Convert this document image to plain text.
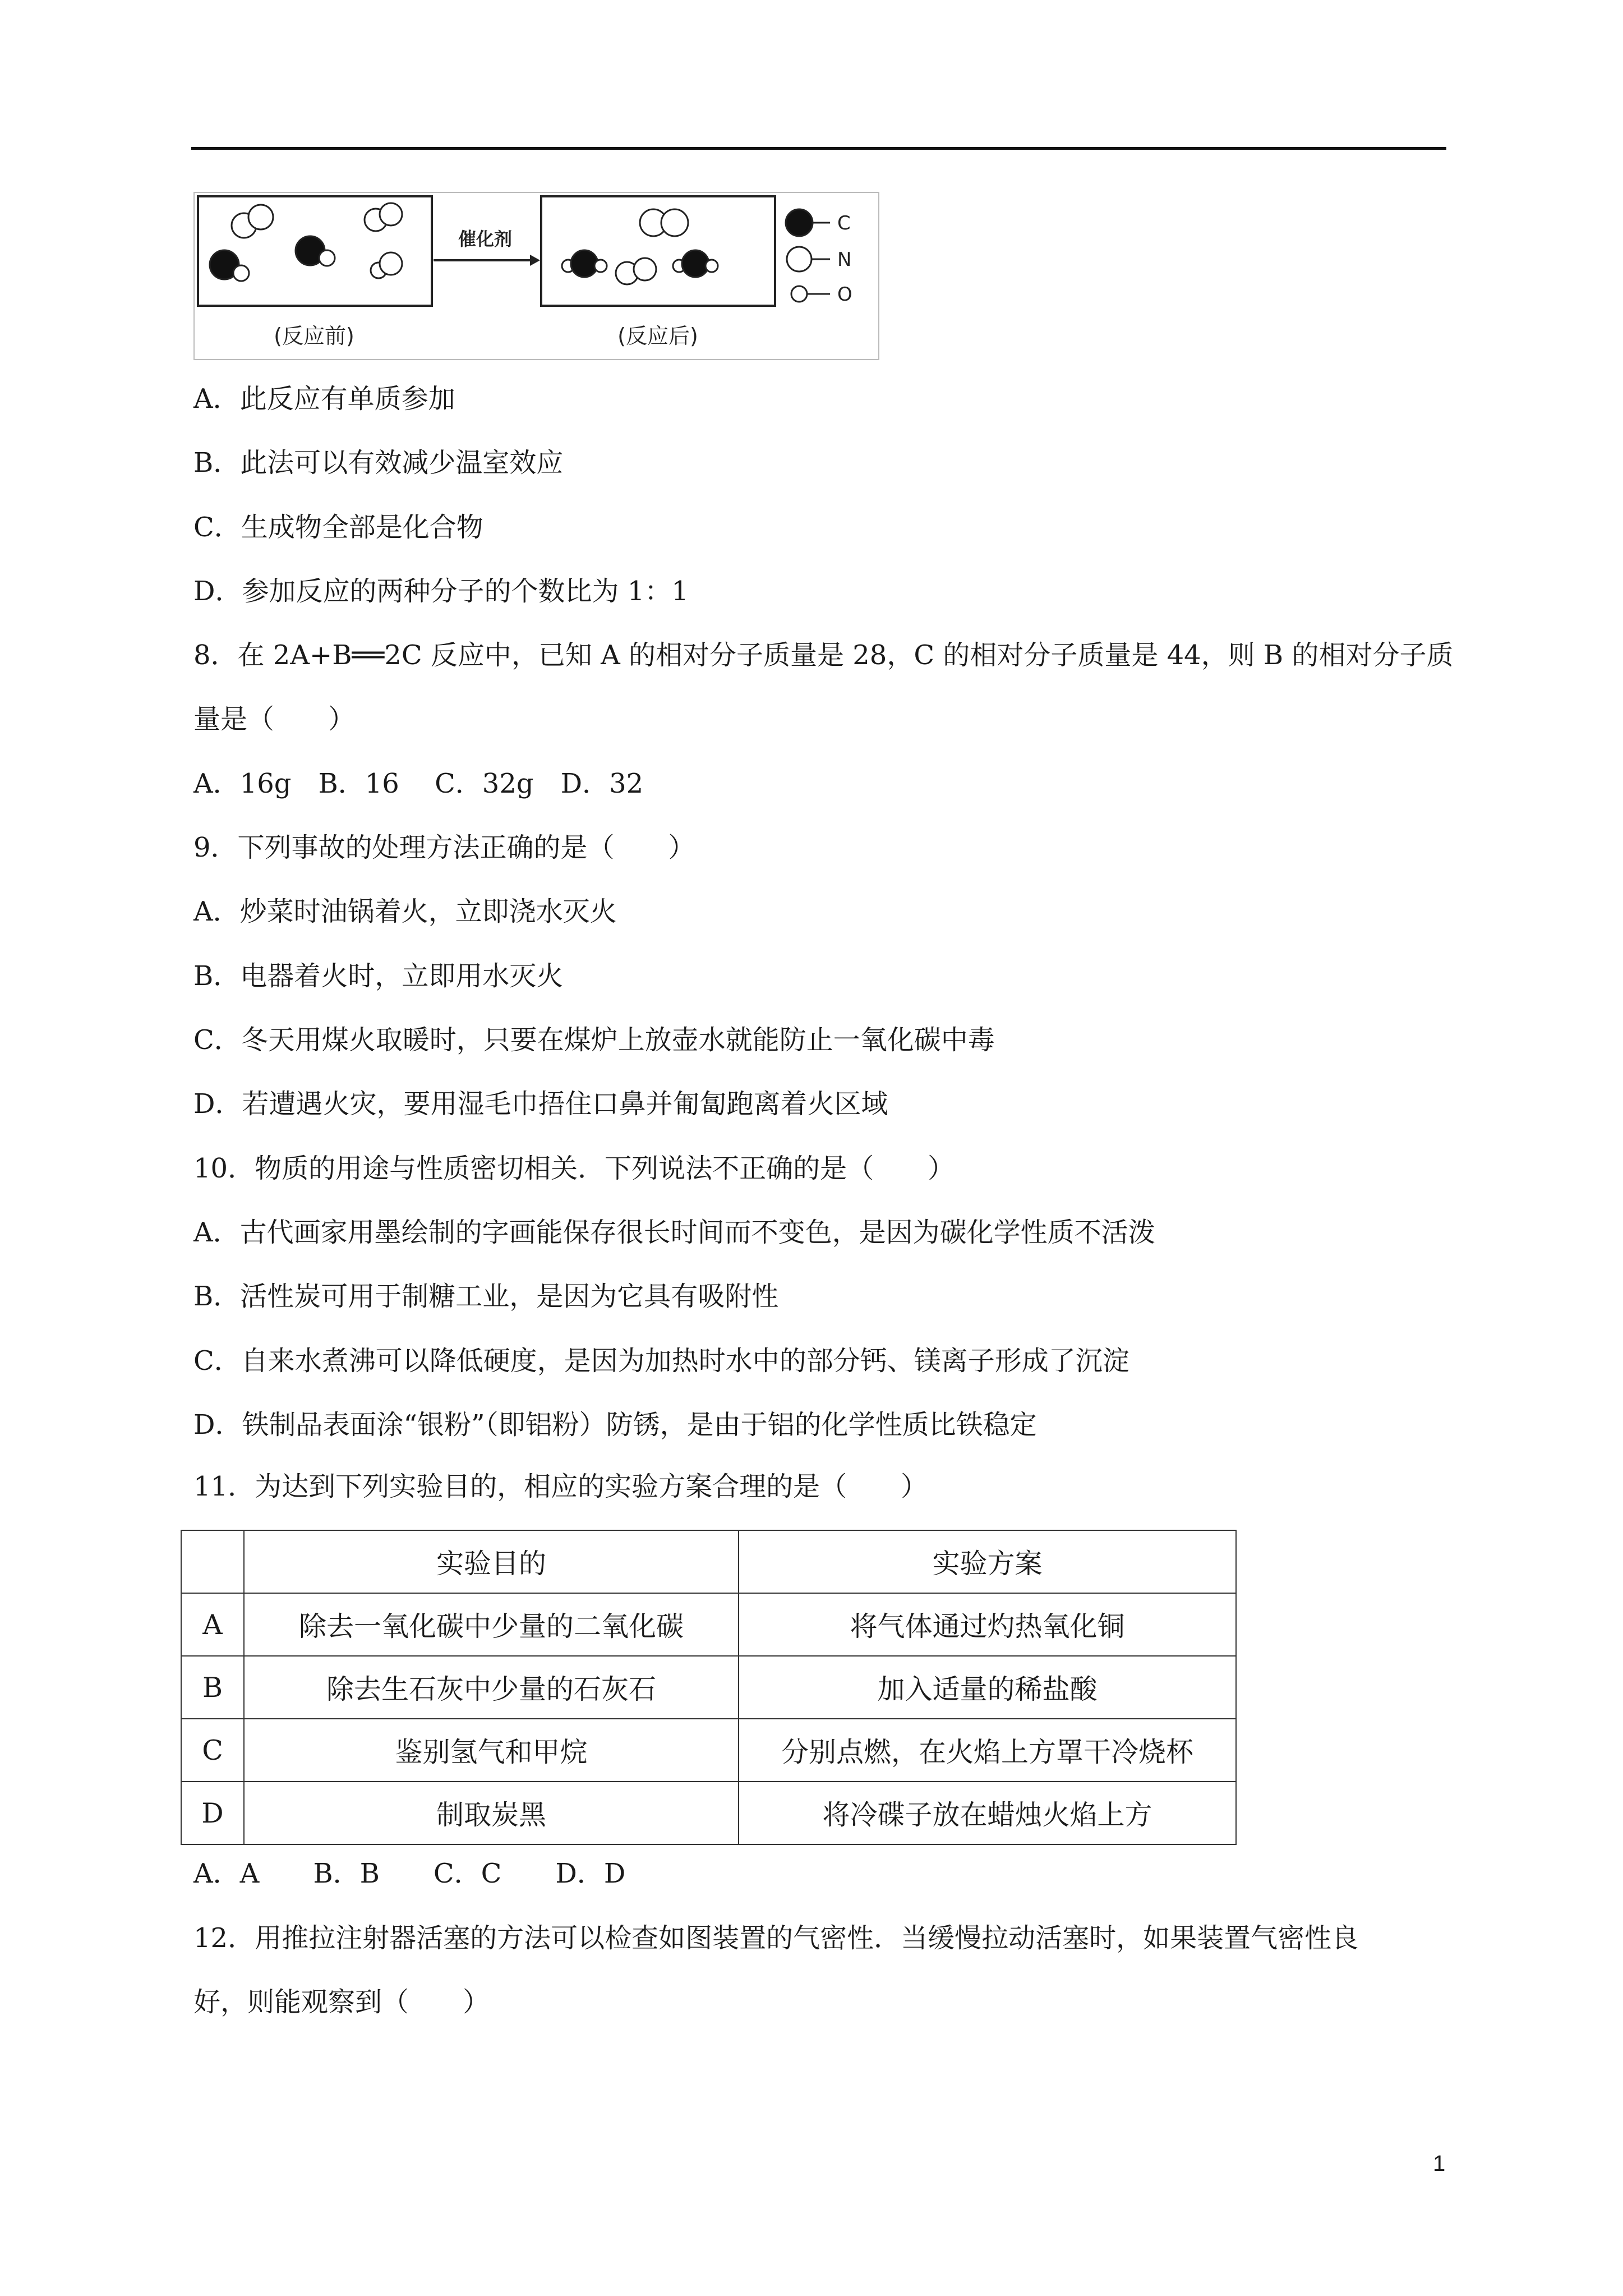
催化剂
(反应前)	(反应后)
C
N
O
A．此反应有单质参加
B．此法可以有效减少温室效应
C．生成物全部是化合物
D．参加反应的两种分子的个数比为 1：1
8．在 2A+B══2C 反应中，已知 A 的相对分子质量是 28，C 的相对分子质量是 44，则 B 的相对分子质
量是（　　）
A．16g　B．16　 C．32g　D．32
9．下列事故的处理方法正确的是（　　）
A．炒菜时油锅着火，立即浇水灭火
B．电器着火时，立即用水灭火
C．冬天用煤火取暖时，只要在煤炉上放壶水就能防止一氧化碳中毒
D．若遭遇火灾，要用湿毛巾捂住口鼻并匍匐跑离着火区域
10．物质的用途与性质密切相关．下列说法不正确的是（　　）
A．古代画家用墨绘制的字画能保存很长时间而不变色，是因为碳化学性质不活泼
B．活性炭可用于制糖工业，是因为它具有吸附性
C．自来水煮沸可以降低硬度，是因为加热时水中的部分钙、镁离子形成了沉淀
D．铁制品表面涂“银粉”（即铝粉）防锈，是由于铝的化学性质比铁稳定
11．为达到下列实验目的，相应的实验方案合理的是（　　）
	实验目的	实验方案
A	除去一氧化碳中少量的二氧化碳	将气体通过灼热氧化铜
B	除去生石灰中少量的石灰石	加入适量的稀盐酸
C	鉴别氢气和甲烷	分别点燃，在火焰上方罩干冷烧杯
D	制取炭黑	将冷碟子放在蜡烛火焰上方
A．A　　B．B　　C．C　　D．D
12．用推拉注射器活塞的方法可以检查如图装置的气密性．当缓慢拉动活塞时，如果装置气密性良
好，则能观察到（　　）
1
